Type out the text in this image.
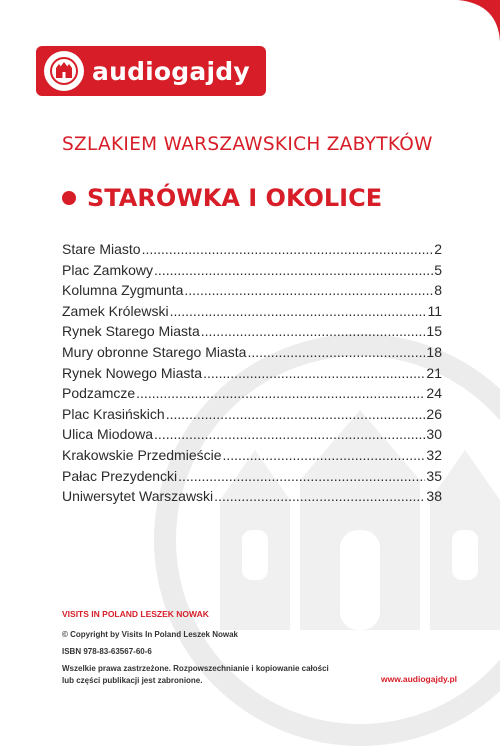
audiogajdy
SZLAKIEM WARSZAWSKICH ZABYTKÓW
STARÓWKA I OKOLICE
Stare Miasto .....	2
Plac Zamkowy .....	5
Kolumna Zygmunta .....	8
Zamek Królewski .....	11
Rynek Starego Miasta .....	15
Mury obronne Starego Miasta .....	18
Rynek Nowego Miasta .....	21
Podzamcze .....	24
Plac Krasińskich .....	26
Ulica Miodowa .....	30
Krakowskie Przedmieście .....	32
Pałac Prezydencki .....	35
Uniwersytet Warszawski .....	38
VISITS IN POLAND LESZEK NOWAK
© Copyright by Visits In Poland Leszek Nowak
ISBN 978-83-63567-60-6
Wszelkie prawa zastrzeżone. Rozpowszechnianie i kopiowanie całości
lub części publikacji jest zabronione.	www.audiogajdy.pl
